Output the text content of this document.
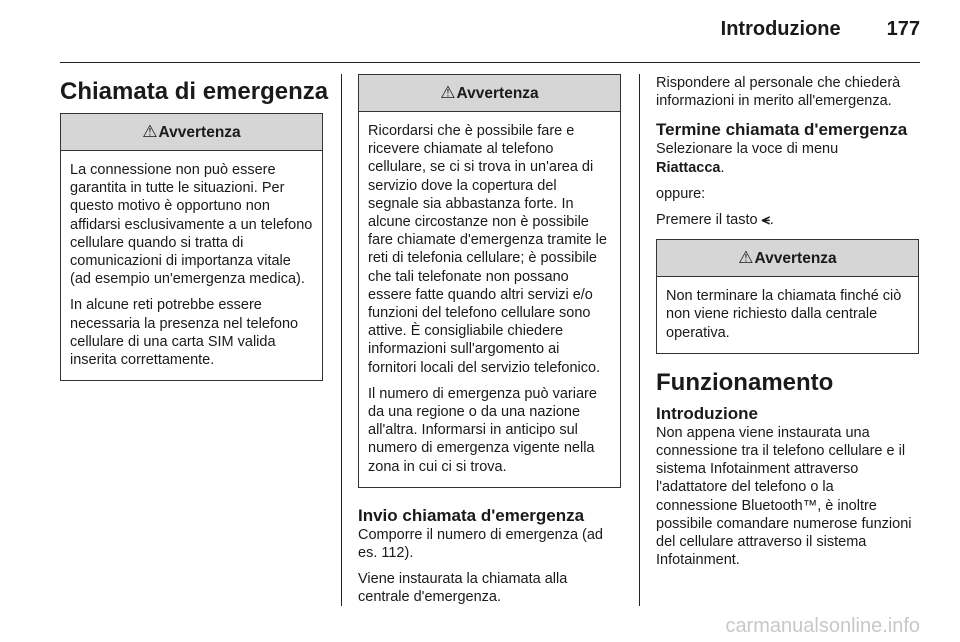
Introduzione 177
Chiamata di emergenza
⚠Avvertenza

La connessione non può essere garantita in tutte le situazioni. Per questo motivo è opportuno non affidarsi esclusivamente a un telefono cellulare quando si tratta di comunicazioni di importanza vitale (ad esempio un'emergenza medica).

In alcune reti potrebbe essere necessaria la presenza nel telefono cellulare di una carta SIM valida inserita correttamente.

⚠Avvertenza

Ricordarsi che è possibile fare e ricevere chiamate al telefono cellulare, se ci si trova in un'area di servizio dove la copertura del segnale sia abbastanza forte. In alcune circostanze non è possibile fare chiamate d'emergenza tramite le reti di telefonia cellulare; è possibile che tali telefonate non possano essere fatte quando altri servizi e/o funzioni del telefono cellulare sono attive. È consigliabile chiedere informazioni sull'argomento ai fornitori locali del servizio telefonico.

Il numero di emergenza può variare da una regione o da una nazione all'altra. Informarsi in anticipo sul numero di emergenza vigente nella zona in cui ci si trova.

Invio chiamata d'emergenza

Comporre il numero di emergenza (ad es. 112).

Viene instaurata la chiamata alla centrale d'emergenza.

Rispondere al personale che chiederà informazioni in merito all'emergenza.

Termine chiamata d'emergenza

Selezionare la voce di menu
Riattacca.

oppure:

Premere il tasto ⪪.

⚠Avvertenza

Non terminare la chiamata finché ciò non viene richiesto dalla centrale operativa.

Funzionamento
Introduzione

Non appena viene instaurata una connessione tra il telefono cellulare e il sistema Infotainment attraverso l'adattatore del telefono o la connessione Bluetooth™, è inoltre possibile comandare numerose funzioni del cellulare attraverso il sistema Infotainment.

carmanualsonline.info
